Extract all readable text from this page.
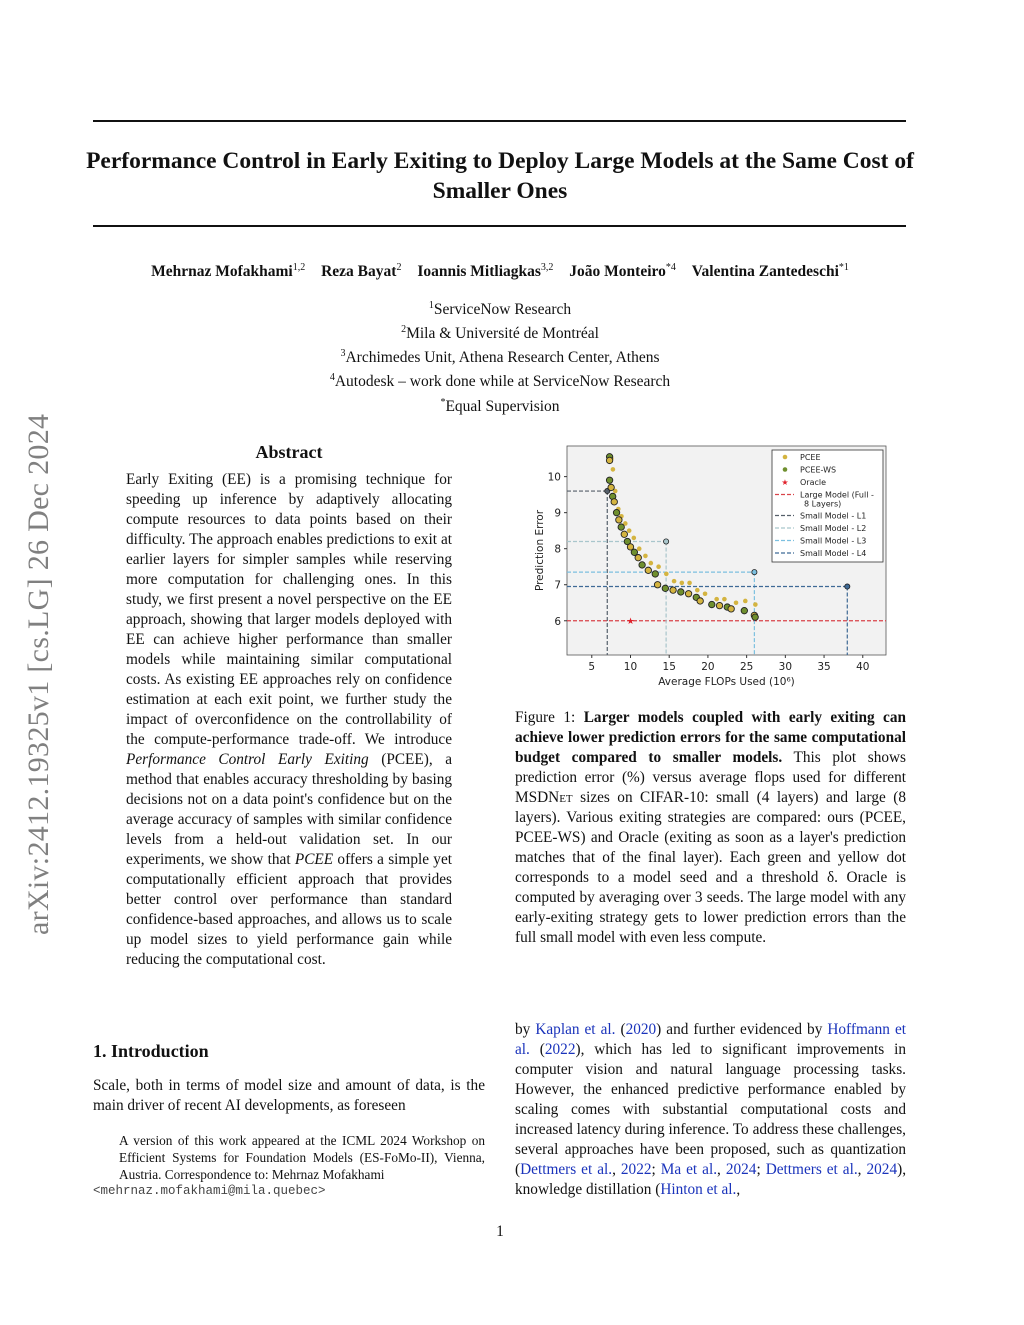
arXiv:2412.19325v1 [cs.LG] 26 Dec 2024
Performance Control in Early Exiting to Deploy Large Models at the Same Cost of Smaller Ones
Mehrnaz Mofakhami$^{1,2}$ Reza Bayat$^2$ Ioannis Mitliagkas$^{3,2}$ João Monteiro$^{*4}$ Valentina Zantedeschi$^{*1}$
$^1$ServiceNow Research
$^2$Mila & Université de Montréal
$^3$Archimedes Unit, Athena Research Center, Athens
$^4$Autodesk – work done while at ServiceNow Research
*Equal Supervision
Abstract
Early Exiting (EE) is a promising technique for speeding up inference by adaptively allocating compute resources to data points based on their difficulty. The approach enables predictions to exit at earlier layers for simpler samples while reserving more computation for challenging ones. In this study, we first present a novel perspective on the EE approach, showing that larger models deployed with EE can achieve higher performance than smaller models while maintaining similar computational costs. As existing EE approaches rely on confidence estimation at each exit point, we further study the impact of overconfidence on the controllability of the compute-performance trade-off. We introduce Performance Control Early Exiting (PCEE), a method that enables accuracy thresholding by basing decisions not on a data point's confidence but on the average accuracy of samples with similar confidence levels from a held-out validation set. In our experiments, we show that PCEE offers a simple yet computationally efficient approach that provides better control over performance than standard confidence-based approaches, and allows us to scale up model sizes to yield performance gain while reducing the computational cost.
1. Introduction
Scale, both in terms of model size and amount of data, is the main driver of recent AI developments, as foreseen
A version of this work appeared at the ICML 2024 Workshop on Efficient Systems for Foundation Models (ES-FoMo-II), Vienna, Austria. Correspondence to: Mehrnaz Mofakhami
<mehrnaz.mofakhami@mila.quebec>
★
5	10 15 20 25 30 35 40
6
7
8
9
10
Average FLOPs Used (10⁶)
Prediction Error
PCEE
PCEE-WS
★ Oracle
Large Model (Full -8 Layers)
Small Model - L1
Small Model - L2
Small Model - L3
Small Model - L4
Figure 1: Larger models coupled with early exiting can achieve lower prediction errors for the same computational budget compared to smaller models. This plot shows prediction error (%) versus average flops used for different MSDNet sizes on CIFAR-10: small (4 layers) and large (8 layers). Various exiting strategies are compared: ours (PCEE, PCEE-WS) and Oracle (exiting as soon as a layer's prediction matches that of the final layer). Each green and yellow dot corresponds to a model seed and a threshold δ. Oracle is computed by averaging over 3 seeds. The large model with any early-exiting strategy gets to lower prediction errors than the full small model with even less compute.
by Kaplan et al. (2020) and further evidenced by Hoffmann et al. (2022), which has led to significant improvements in computer vision and natural language processing tasks. However, the enhanced predictive performance enabled by scaling comes with substantial computational costs and increased latency during inference. To address these challenges, several approaches have been proposed, such as quantization (Dettmers et al., 2022; Ma et al., 2024; Dettmers et al., 2024), knowledge distillation (Hinton et al.,
1
